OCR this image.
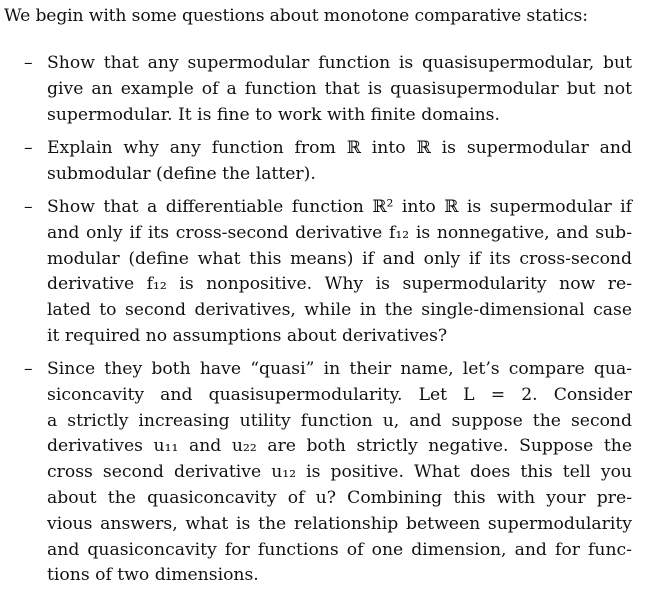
We begin with some questions about monotone comparative statics:
– Show that any supermodular function is quasisupermodular, but
give an example of a function that is quasisupermodular but not
supermodular. It is fine to work with finite domains.
– Explain why any function from ℝ into ℝ is supermodular and
submodular (define the latter).
– Show that a differentiable function ℝ² into ℝ is supermodular if
and only if its cross-second derivative f₁₂ is nonnegative, and sub-
modular (define what this means) if and only if its cross-second
derivative f₁₂ is nonpositive. Why is supermodularity now re-
lated to second derivatives, while in the single-dimensional case
it required no assumptions about derivatives?
– Since they both have “quasi” in their name, let’s compare qua-
siconcavity and quasisupermodularity. Let L = 2. Consider
a strictly increasing utility function u, and suppose the second
derivatives u₁₁ and u₂₂ are both strictly negative. Suppose the
cross second derivative u₁₂ is positive. What does this tell you
about the quasiconcavity of u? Combining this with your pre-
vious answers, what is the relationship between supermodularity
and quasiconcavity for functions of one dimension, and for func-
tions of two dimensions.
